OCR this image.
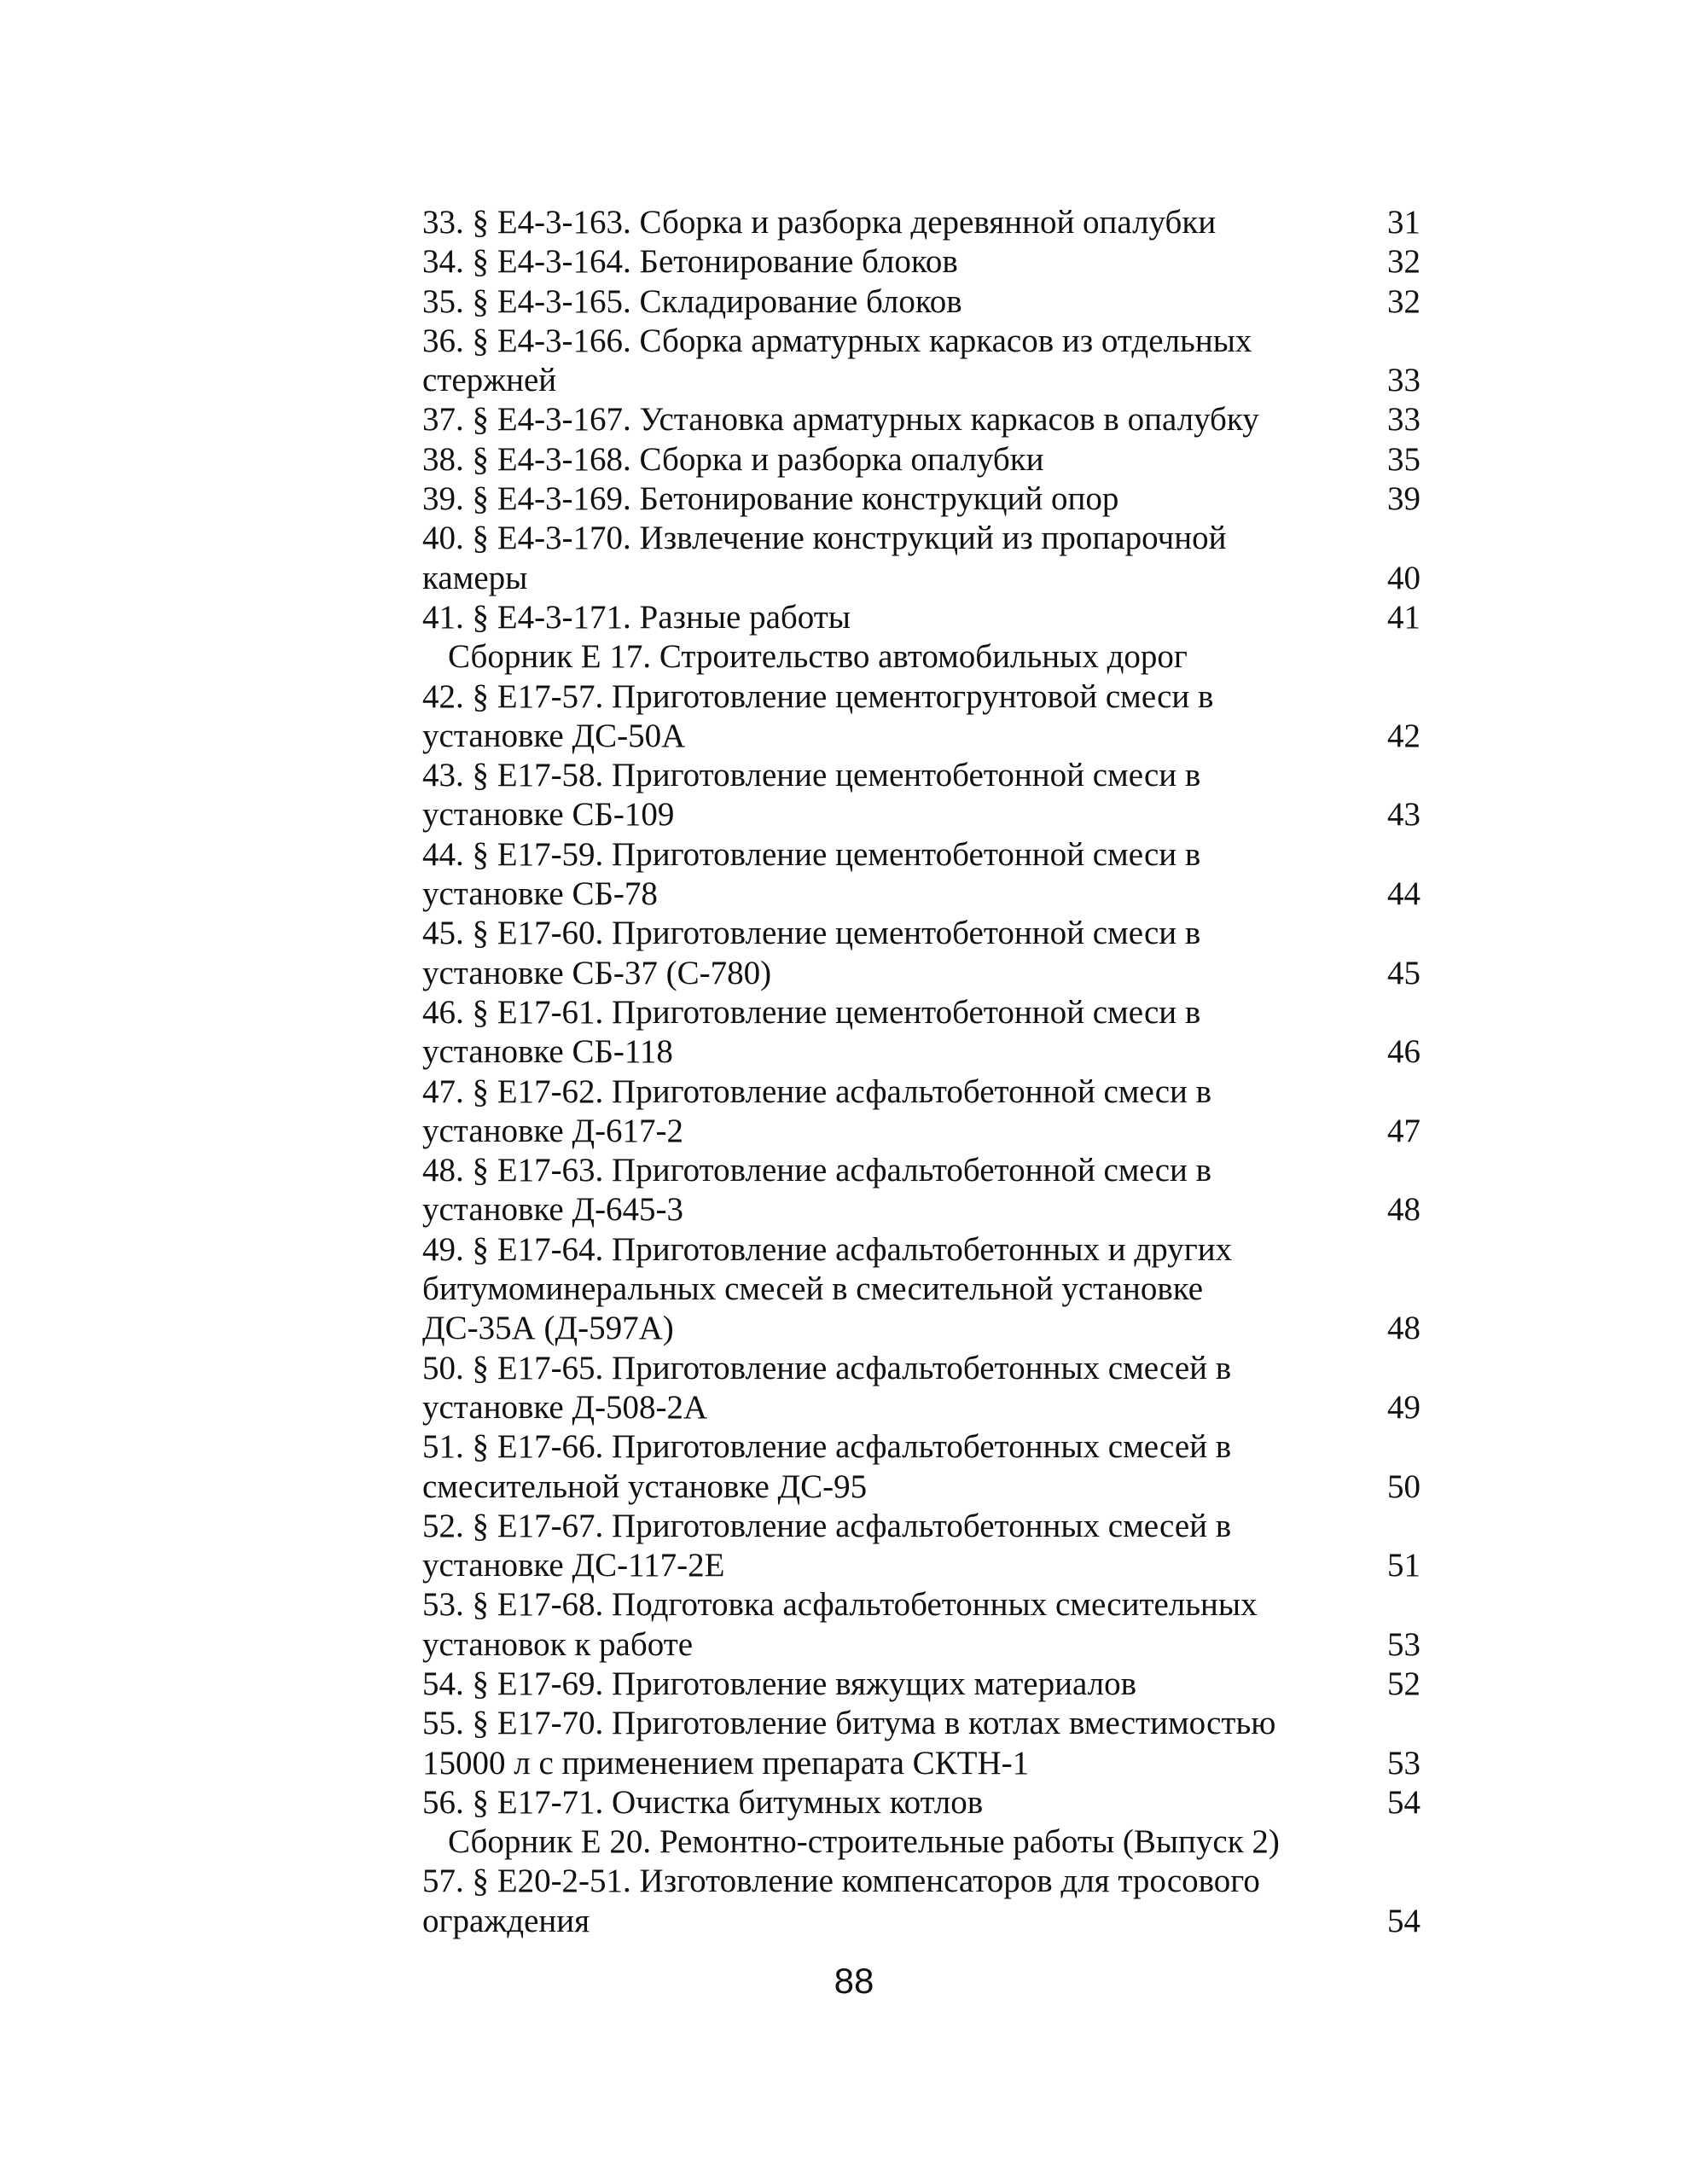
33. § Е4-3-163. Сборка и разборка деревянной опалубки	31
34. § Е4-3-164. Бетонирование блоков	32
35. § Е4-3-165. Складирование блоков	32
36. § Е4-3-166. Сборка арматурных каркасов из отдельных
стержней	33
37. § Е4-3-167. Установка арматурных каркасов в опалубку	33
38. § Е4-3-168. Сборка и разборка опалубки	35
39. § Е4-3-169. Бетонирование конструкций опор	39
40. § Е4-3-170. Извлечение конструкций из пропарочной
камеры	40
41. § Е4-3-171. Разные работы	41
Сборник Е 17. Строительство автомобильных дорог
42. § Е17-57. Приготовление цементогрунтовой смеси в
установке ДС-50А	42
43. § Е17-58. Приготовление цементобетонной смеси в
установке СБ-109	43
44. § Е17-59. Приготовление цементобетонной смеси в
установке СБ-78	44
45. § Е17-60. Приготовление цементобетонной смеси в
установке СБ-37 (С-780)	45
46. § Е17-61. Приготовление цементобетонной смеси в
установке СБ-118	46
47. § Е17-62. Приготовление асфальтобетонной смеси в
установке Д-617-2	47
48. § Е17-63. Приготовление асфальтобетонной смеси в
установке Д-645-3	48
49. § Е17-64. Приготовление асфальтобетонных и других
битумоминеральных смесей в смесительной установке
ДС-35А (Д-597А)	48
50. § Е17-65. Приготовление асфальтобетонных смесей в
установке Д-508-2А	49
51. § Е17-66. Приготовление асфальтобетонных смесей в
смесительной установке ДС-95	50
52. § Е17-67. Приготовление асфальтобетонных смесей в
установке ДС-117-2Е	51
53. § Е17-68. Подготовка асфальтобетонных смесительных
установок к работе	53
54. § Е17-69. Приготовление вяжущих материалов	52
55. § Е17-70. Приготовление битума в котлах вместимостью
15000 л с применением препарата СКТН-1	53
56. § Е17-71. Очистка битумных котлов	54
Сборник Е 20. Ремонтно-строительные работы (Выпуск 2)
57. § Е20-2-51. Изготовление компенсаторов для тросового
ограждения	54
88
